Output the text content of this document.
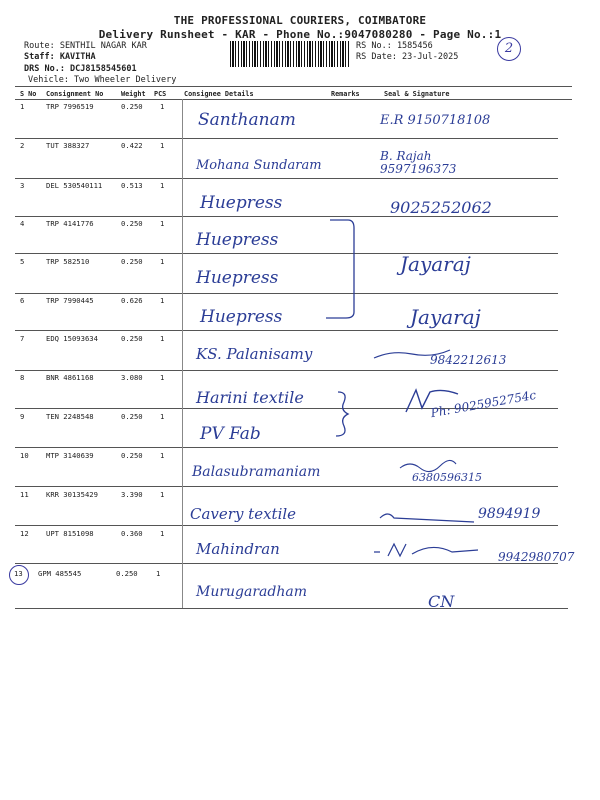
THE PROFESSIONAL COURIERS, COIMBATORE
Delivery Runsheet - KAR - Phone No.:9047080280 - Page No.:1
Route: SENTHIL NAGAR KAR
Staff: KAVITHA
DRS No.: DCJ8158545601
Vehicle: Two Wheeler Delivery
RS No.: 1585456
RS Date: 23-Jul-2025
2
S No Consignment No	Weight PCS	Consignee Details	Remarks	Seal & Signature
1	TRP 7996519	0.250 1
Santhanam	E.R 9150718108
2	TUT 388327	0.422 1
Mohana Sundaram
B. Rajah 9597196373
3	DEL 530540111	0.513 1
Huepress	9025252062
4	TRP 4141776	0.250 1
Huepress
5	TRP 582510	0.250 1
Huepress
Jayaraj
6	TRP 7990445	0.626 1
Huepress	Jayaraj
7	EDQ 15093634	0.250 1
KS. Palanisamy	9842212613
8	BNR 4861168	3.080 1
Harini textile	Ph: 9025952754c
9	TEN 2248548	0.250 1
PV Fab
10 MTP 3140639	0.250 1
Balasubramaniam	6380596315
11 KRR 30135429	3.390 1
Cavery textile	9894919
12 UPT 8151098	0.360 1
Mahindran	9942980707
13 GPM 485545	0.250	1
Murugaradham	CN
